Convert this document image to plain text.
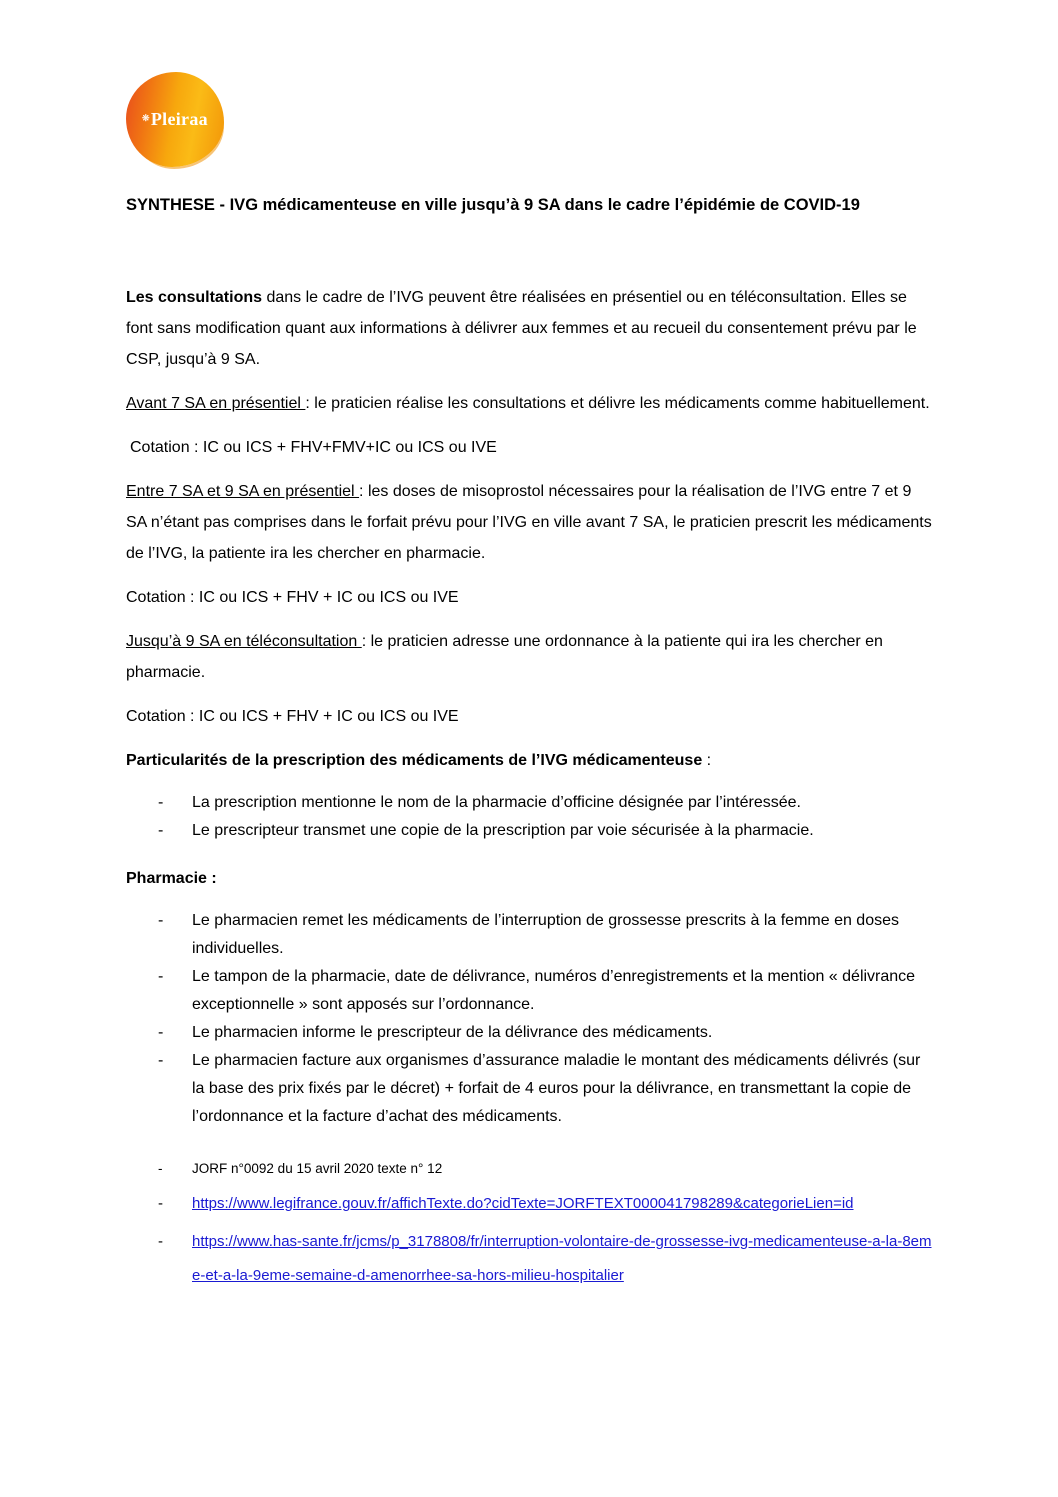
❊Pleiraa
SYNTHESE - IVG médicamenteuse en ville jusqu’à 9 SA dans le cadre l’épidémie de COVID-19

Les consultations dans le cadre de l’IVG peuvent être réalisées en présentiel ou en téléconsultation. Elles se font sans modification quant aux informations à délivrer aux femmes et au recueil du consentement prévu par le CSP, jusqu’à 9 SA.

Avant 7 SA en présentiel : le praticien réalise les consultations et délivre les médicaments comme habituellement.

Cotation : IC ou ICS + FHV+FMV+IC ou ICS ou IVE

Entre 7 SA et 9 SA en présentiel : les doses de misoprostol nécessaires pour la réalisation de l’IVG entre 7 et 9 SA n’étant pas comprises dans le forfait prévu pour l’IVG en ville avant 7 SA, le praticien prescrit les médicaments de l’IVG, la patiente ira les chercher en pharmacie.

Cotation : IC ou ICS + FHV + IC ou ICS ou IVE

Jusqu’à 9 SA en téléconsultation : le praticien adresse une ordonnance à la patiente qui ira les chercher en pharmacie.

Cotation : IC ou ICS + FHV + IC ou ICS ou IVE

Particularités de la prescription des médicaments de l’IVG médicamenteuse :

-	La prescription mentionne le nom de la pharmacie d’officine désignée par l’intéressée.
-	Le prescripteur transmet une copie de la prescription par voie sécurisée à la pharmacie.

Pharmacie :

-	Le pharmacien remet les médicaments de l’interruption de grossesse prescrits à la femme en doses individuelles.
-	Le tampon de la pharmacie, date de délivrance, numéros d’enregistrements et la mention « délivrance exceptionnelle » sont apposés sur l’ordonnance.
-	Le pharmacien informe le prescripteur de la délivrance des médicaments.
-	Le pharmacien facture aux organismes d’assurance maladie le montant des médicaments délivrés (sur la base des prix fixés par le décret) + forfait de 4 euros pour la délivrance, en transmettant la copie de l’ordonnance et la facture d’achat des médicaments.
-	JORF n°0092 du 15 avril 2020 texte n° 12
-	https://www.legifrance.gouv.fr/affichTexte.do?cidTexte=JORFTEXT000041798289&categorieLien=id
-	https://www.has-sante.fr/jcms/p_3178808/fr/interruption-volontaire-de-grossesse-ivg-medicamenteuse-a-la-8eme-et-a-la-9eme-semaine-d-amenorrhee-sa-hors-milieu-hospitalier
